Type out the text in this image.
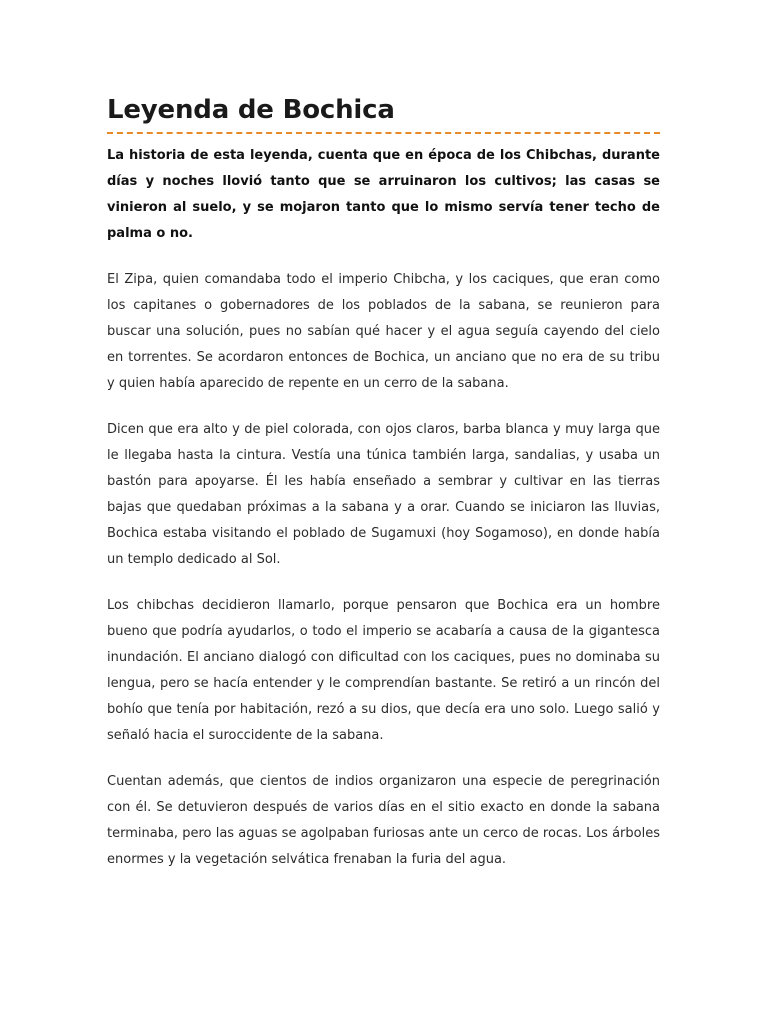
Leyenda de Bochica

La historia de esta leyenda, cuenta que en época de los Chibchas, durante días y noches llovió tanto que se arruinaron los cultivos; las casas se vinieron al suelo, y se mojaron tanto que lo mismo servía tener techo de palma o no.

El Zipa, quien comandaba todo el imperio Chibcha, y los caciques, que eran como los capitanes o gobernadores de los poblados de la sabana, se reunieron para buscar una solución, pues no sabían qué hacer y el agua seguía cayendo del cielo en torrentes. Se acordaron entonces de Bochica, un anciano que no era de su tribu y quien había aparecido de repente en un cerro de la sabana.

Dicen que era alto y de piel colorada, con ojos claros, barba blanca y muy larga que le llegaba hasta la cintura. Vestía una túnica también larga, sandalias, y usaba un bastón para apoyarse. Él les había enseñado a sembrar y cultivar en las tierras bajas que quedaban próximas a la sabana y a orar. Cuando se iniciaron las lluvias, Bochica estaba visitando el poblado de Sugamuxi (hoy Sogamoso), en donde había un templo dedicado al Sol.

Los chibchas decidieron llamarlo, porque pensaron que Bochica era un hombre bueno que podría ayudarlos, o todo el imperio se acabaría a causa de la gigantesca inundación. El anciano dialogó con dificultad con los caciques, pues no dominaba su lengua, pero se hacía entender y le comprendían bastante. Se retiró a un rincón del bohío que tenía por habitación, rezó a su dios, que decía era uno solo. Luego salió y señaló hacia el suroccidente de la sabana.

Cuentan además, que cientos de indios organizaron una especie de peregrinación con él. Se detuvieron después de varios días en el sitio exacto en donde la sabana terminaba, pero las aguas se agolpaban furiosas ante un cerco de rocas. Los árboles enormes y la vegetación selvática frenaban la furia del agua.
